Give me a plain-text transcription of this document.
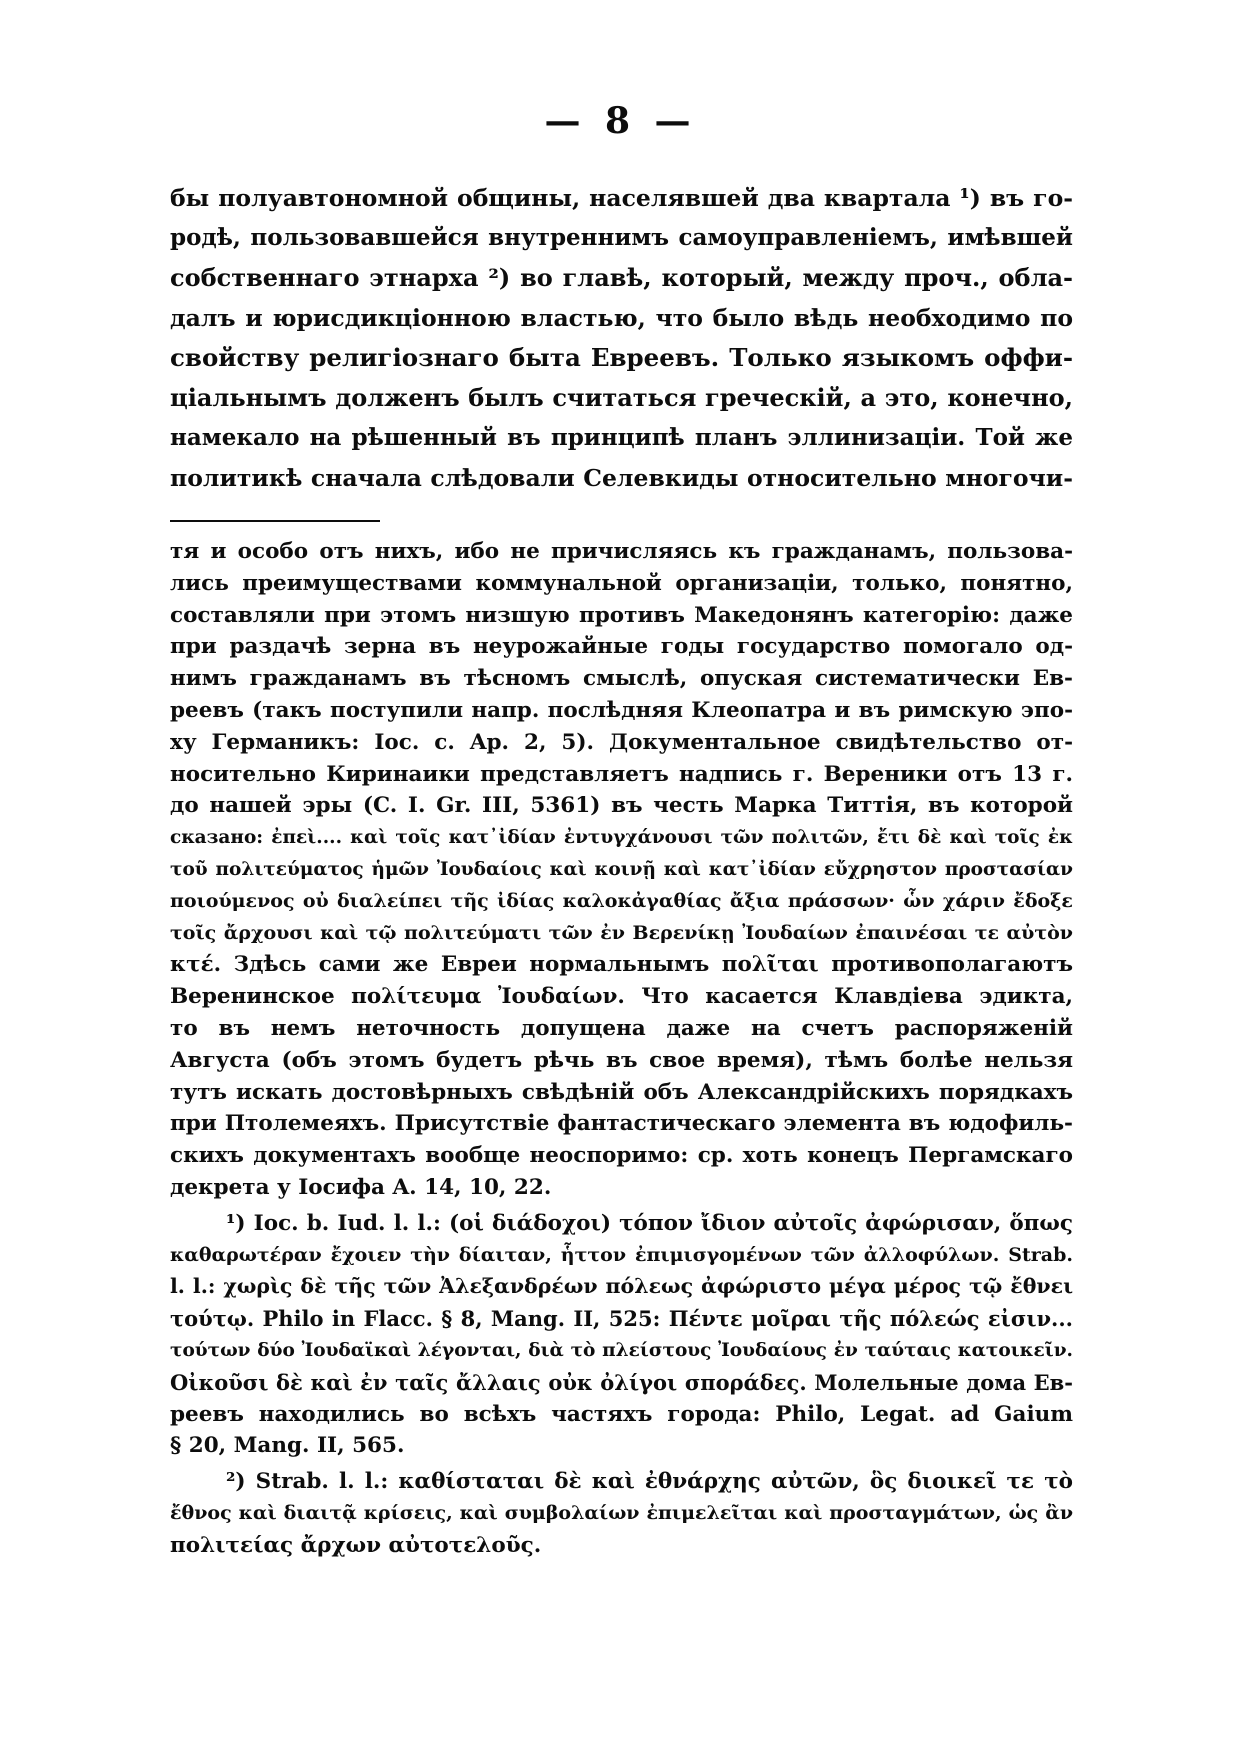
— 8 —
бы полуавтономной общины, населявшей два квартала ¹) въ го-
родѣ, пользовавшейся внутреннимъ самоуправленіемъ, имѣвшей
собственнаго этнарха ²) во главѣ, который, между проч., обла-
далъ и юрисдикціонною властью, что было вѣдь необходимо по
свойству религіознаго быта Евреевъ. Только языкомъ оффи-
ціальнымъ долженъ былъ считаться греческій, а это, конечно,
намекало на рѣшенный въ принципѣ планъ эллинизаціи. Той же
политикѣ сначала слѣдовали Селевкиды относительно многочи-
тя и особо отъ нихъ, ибо не причисляясь къ гражданамъ, пользова-
лись преимуществами коммунальной организаціи, только, понятно,
составляли при этомъ низшую противъ Македонянъ категорію: даже
при раздачѣ зерна въ неурожайные годы государство помогало од-
нимъ гражданамъ въ тѣсномъ смыслѣ, опуская систематически Ев-
реевъ (такъ поступили напр. послѣдняя Клеопатра и въ римскую эпо-
ху Германикъ: Іос. c. Ap. 2, 5). Документальное свидѣтельство от-
носительно Киринаики представляетъ надпись г. Вереники отъ 13 г.
до нашей эры (C. I. Gr. III, 5361) въ честь Марка Титтія, въ которой
сказано: ἐπεὶ.... καὶ τοῖς κατ᾽ἰδίαν ἐντυγχάνουσι τῶν πολιτῶν, ἔτι δὲ καὶ τοῖς ἐκ
τοῦ πολιτεύματος ἡμῶν Ἰουδαίοις καὶ κοινῇ καὶ κατ᾽ἰδίαν εὔχρηστον προστασίαν
ποιούμενος οὐ διαλείπει τῆς ἰδίας καλοκἀγαθίας ἄξια πράσσων· ὧν χάριν ἔδοξε
τοῖς ἄρχουσι καὶ τῷ πολιτεύματι τῶν ἐν Βερενίκῃ Ἰουδαίων ἐπαινέσαι τε αὐτὸν
κτέ. Здѣсь сами же Евреи нормальнымъ πολῖται противополагаютъ
Веренинское πολίτευμα Ἰουδαίων. Что касается Клавдіева эдикта,
то въ немъ неточность допущена даже на счетъ распоряженій
Августа (объ этомъ будетъ рѣчь въ свое время), тѣмъ болѣе нельзя
тутъ искать достовѣрныхъ свѣдѣній объ Александрійскихъ порядкахъ
при Птолемеяхъ. Присутствіе фантастическаго элемента въ юдофиль-
скихъ документахъ вообще неоспоримо: ср. хоть конецъ Пергамскаго
декрета у Іосифа A. 14, 10, 22.
¹) Іос. b. Iud. l. l.: (οἱ διάδοχοι) τόπον ἴδιον αὐτοῖς ἀφώρισαν, ὅπως
καθαρωτέραν ἔχοιεν τὴν δίαιταν, ἧττον ἐπιμισγομένων τῶν ἀλλοφύλων. Strab.
l. l.: χωρὶς δὲ τῆς τῶν Ἀλεξανδρέων πόλεως ἀφώριστο μέγα μέρος τῷ ἔθνει
τούτῳ. Philo in Flacc. § 8, Mang. II, 525: Πέντε μοῖραι τῆς πόλεώς εἰσιν...
τούτων δύο Ἰουδαϊκαὶ λέγονται, διὰ τὸ πλείστους Ἰουδαίους ἐν ταύταις κατοικεῖν.
Οἰκοῦσι δὲ καὶ ἐν ταῖς ἄλλαις οὐκ ὀλίγοι σποράδες. Молельные дома Ев-
реевъ находились во всѣхъ частяхъ города: Philo, Legat. ad Gaium
§ 20, Mang. II, 565.
²) Strab. l. l.: καθίσταται δὲ καὶ ἐθνάρχης αὐτῶν, ὃς διοικεῖ τε τὸ
ἔθνος καὶ διαιτᾷ κρίσεις, καὶ συμβολαίων ἐπιμελεῖται καὶ προσταγμάτων, ὡς ἂν
πολιτείας ἄρχων αὐτοτελοῦς.
